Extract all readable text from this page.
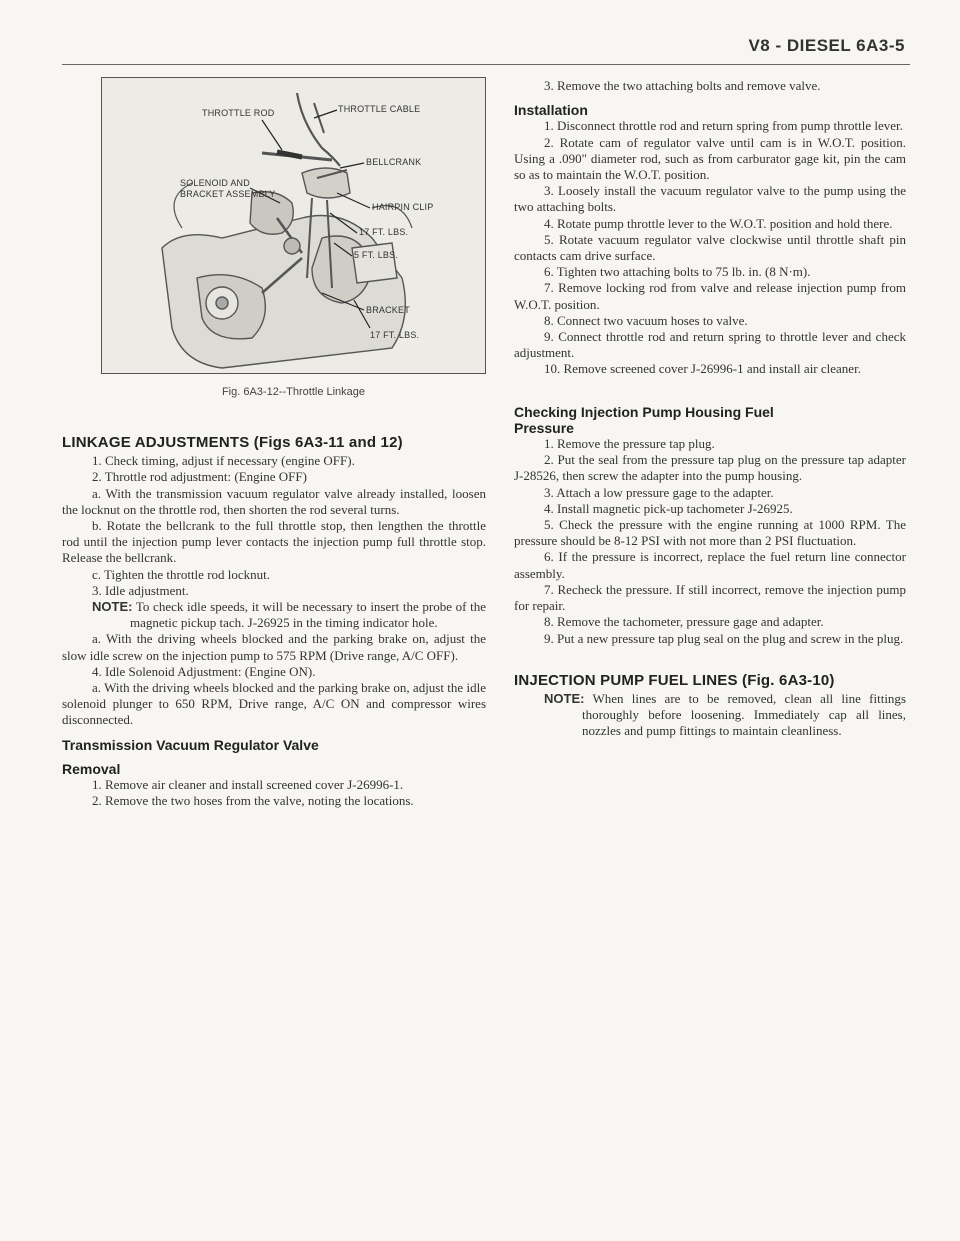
V8 - DIESEL 6A3-5
THROTTLE ROD	THROTTLE CABLE
BELLCRANK
SOLENOID AND
BRACKET ASSEMBLY
HAIRPIN CLIP
17 FT. LBS.
5 FT. LBS.
BRACKET
17 FT. LBS.
Fig. 6A3-12--Throttle Linkage
LINKAGE ADJUSTMENTS (Figs 6A3-11 and 12)

1. Check timing, adjust if necessary (engine OFF).

2. Throttle rod adjustment: (Engine OFF)

a. With the transmission vacuum regulator valve already installed, loosen the locknut on the throttle rod, then shorten the rod several turns.

b. Rotate the bellcrank to the full throttle stop, then lengthen the throttle rod until the injection pump lever contacts the injection pump full throttle stop. Release the bellcrank.

c. Tighten the throttle rod locknut.

3. Idle adjustment.

NOTE: To check idle speeds, it will be necessary to insert the probe of the magnetic pickup tach. J-26925 in the timing indicator hole.

a. With the driving wheels blocked and the parking brake on, adjust the slow idle screw on the injection pump to 575 RPM (Drive range, A/C OFF).

4. Idle Solenoid Adjustment: (Engine ON).

a. With the driving wheels blocked and the parking brake on, adjust the idle solenoid plunger to 650 RPM, Drive range, A/C ON and compressor wires disconnected.

Transmission Vacuum Regulator Valve
Removal

1. Remove air cleaner and install screened cover J-26996-1.

2. Remove the two hoses from the valve, noting the locations.

3. Remove the two attaching bolts and remove valve.

Installation

1. Disconnect throttle rod and return spring from pump throttle lever.

2. Rotate cam of regulator valve until cam is in W.O.T. position. Using a .090" diameter rod, such as from carburator gage kit, pin the cam so as to maintain the W.O.T. position.

3. Loosely install the vacuum regulator valve to the pump using the two attaching bolts.

4. Rotate pump throttle lever to the W.O.T. position and hold there.

5. Rotate vacuum regulator valve clockwise until throttle shaft pin contacts cam drive surface.

6. Tighten two attaching bolts to 75 lb. in. (8 N·m).

7. Remove locking rod from valve and release injection pump from W.O.T. position.

8. Connect two vacuum hoses to valve.

9. Connect throttle rod and return spring to throttle lever and check adjustment.

10. Remove screened cover J-26996-1 and install air cleaner.

Checking Injection Pump Housing Fuel
Pressure

1. Remove the pressure tap plug.

2. Put the seal from the pressure tap plug on the pressure tap adapter J-28526, then screw the adapter into the pump housing.

3. Attach a low pressure gage to the adapter.

4. Install magnetic pick-up tachometer J-26925.

5. Check the pressure with the engine running at 1000 RPM. The pressure should be 8-12 PSI with not more than 2 PSI fluctuation.

6. If the pressure is incorrect, replace the fuel return line connector assembly.

7. Recheck the pressure. If still incorrect, remove the injection pump for repair.

8. Remove the tachometer, pressure gage and adapter.

9. Put a new pressure tap plug seal on the plug and screw in the plug.

INJECTION PUMP FUEL LINES (Fig. 6A3-10)

NOTE: When lines are to be removed, clean all line fittings thoroughly before loosening. Immediately cap all lines, nozzles and pump fittings to maintain cleanliness.
